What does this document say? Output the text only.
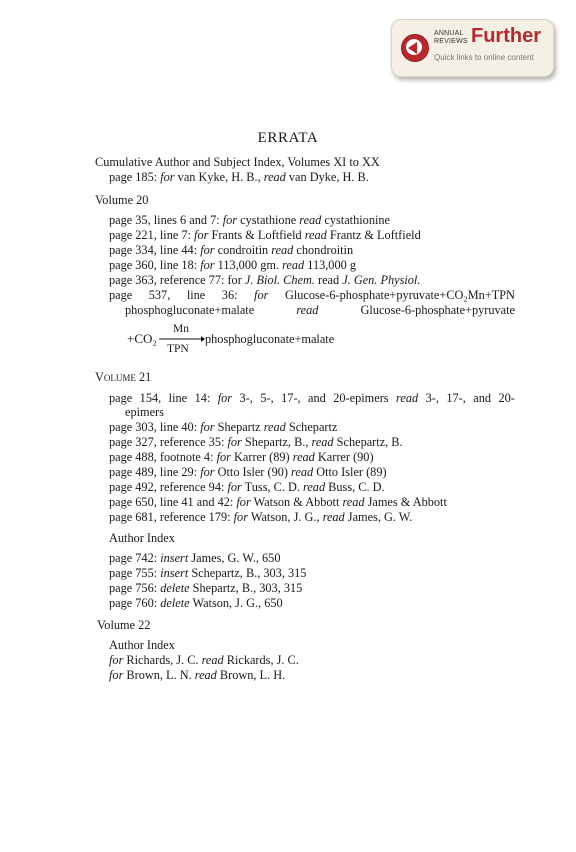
ANNUAL
REVIEWS Further
Quick links to online content
ERRATA
Cumulative Author and Subject Index, Volumes XI to XX
page 185: for van Kyke, H. B., read van Dyke, H. B.
Volume 20
page 35, lines 6 and 7: for cystathione read cystathionine
page 221, line 7: for Frants & Loftfield read Frantz & Loftfield
page 334, line 44: for condroitin read chondroitin
page 360, line 18: for 113,000 gm. read 113,000 g
page 363, reference 77: for J. Biol. Chem. read J. Gen. Physiol.
page 537, line 36: for Glucose-6-phosphate+pyruvate+CO₂Mn+TPN
phosphogluconate+malate	read	Glucose-6-phosphate+pyruvate
+CO₂
Mn
TPN
→ phosphogluconate+malate
Volume 21
page 154, line 14: for 3-, 5-, 17-, and 20-epimers read 3-, 17-, and 20-
epimers
page 303, line 40: for Shepartz read Schepartz
page 327, reference 35: for Shepartz, B., read Schepartz, B.
page 488, footnote 4: for Karrer (89) read Karrer (90)
page 489, line 29: for Otto Isler (90) read Otto Isler (89)
page 492, reference 94: for Tuss, C. D. read Buss, C. D.
page 650, line 41 and 42: for Watson & Abbott read James & Abbott
page 681, reference 179: for Watson, J. G., read James, G. W.
Author Index
page 742: insert James, G. W., 650
page 755: insert Schepartz, B., 303, 315
page 756: delete Shepartz, B., 303, 315
page 760: delete Watson, J. G., 650
Volume 22
Author Index
for Richards, J. C. read Rickards, J. C.
for Brown, L. N. read Brown, L. H.
